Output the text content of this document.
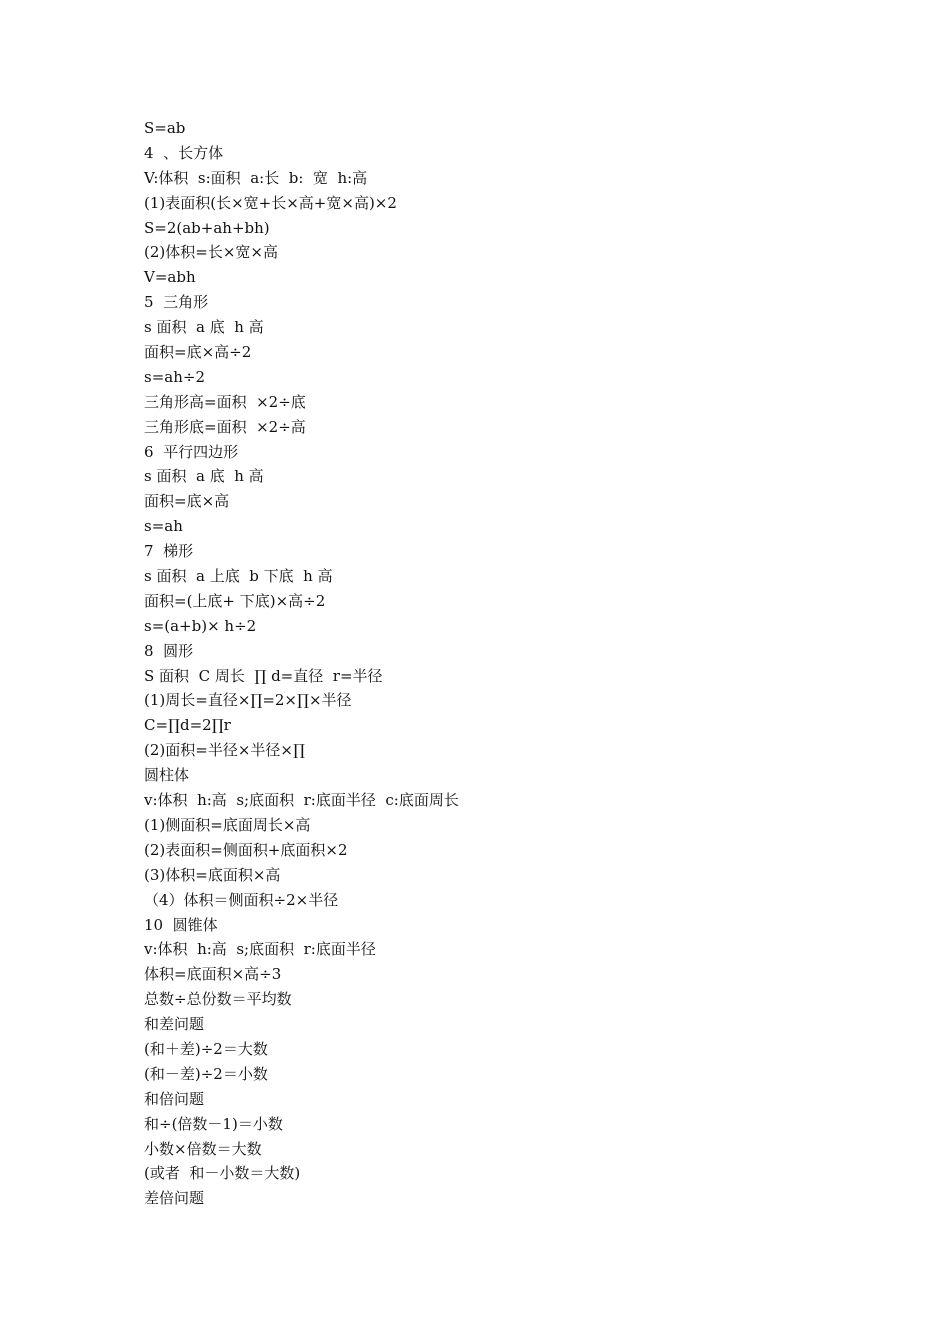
S=ab
4  、长方体
V:体积  s:面积  a:长  b:  宽  h:高
(1)表面积(长×宽+长×高+宽×高)×2
S=2(ab+ah+bh)
(2)体积=长×宽×高
V=abh
5  三角形
s 面积  a 底  h 高
面积=底×高÷2
s=ah÷2
三角形高=面积  ×2÷底
三角形底=面积  ×2÷高
6  平行四边形
s 面积  a 底  h 高
面积=底×高
s=ah
7  梯形
s 面积  a 上底  b 下底  h 高
面积=(上底+ 下底)×高÷2
s=(a+b)× h÷2
8  圆形
S 面积  C 周长  ∏ d=直径  r=半径
(1)周长=直径×∏=2×∏×半径
C=∏d=2∏r
(2)面积=半径×半径×∏
圆柱体
v:体积  h:高  s;底面积  r:底面半径  c:底面周长
(1)侧面积=底面周长×高
(2)表面积=侧面积+底面积×2
(3)体积=底面积×高
（4）体积＝侧面积÷2×半径
10  圆锥体
v:体积  h:高  s;底面积  r:底面半径
体积=底面积×高÷3
总数÷总份数＝平均数
和差问题
(和＋差)÷2＝大数
(和－差)÷2＝小数
和倍问题
和÷(倍数－1)＝小数
小数×倍数＝大数
(或者  和－小数＝大数)
差倍问题
